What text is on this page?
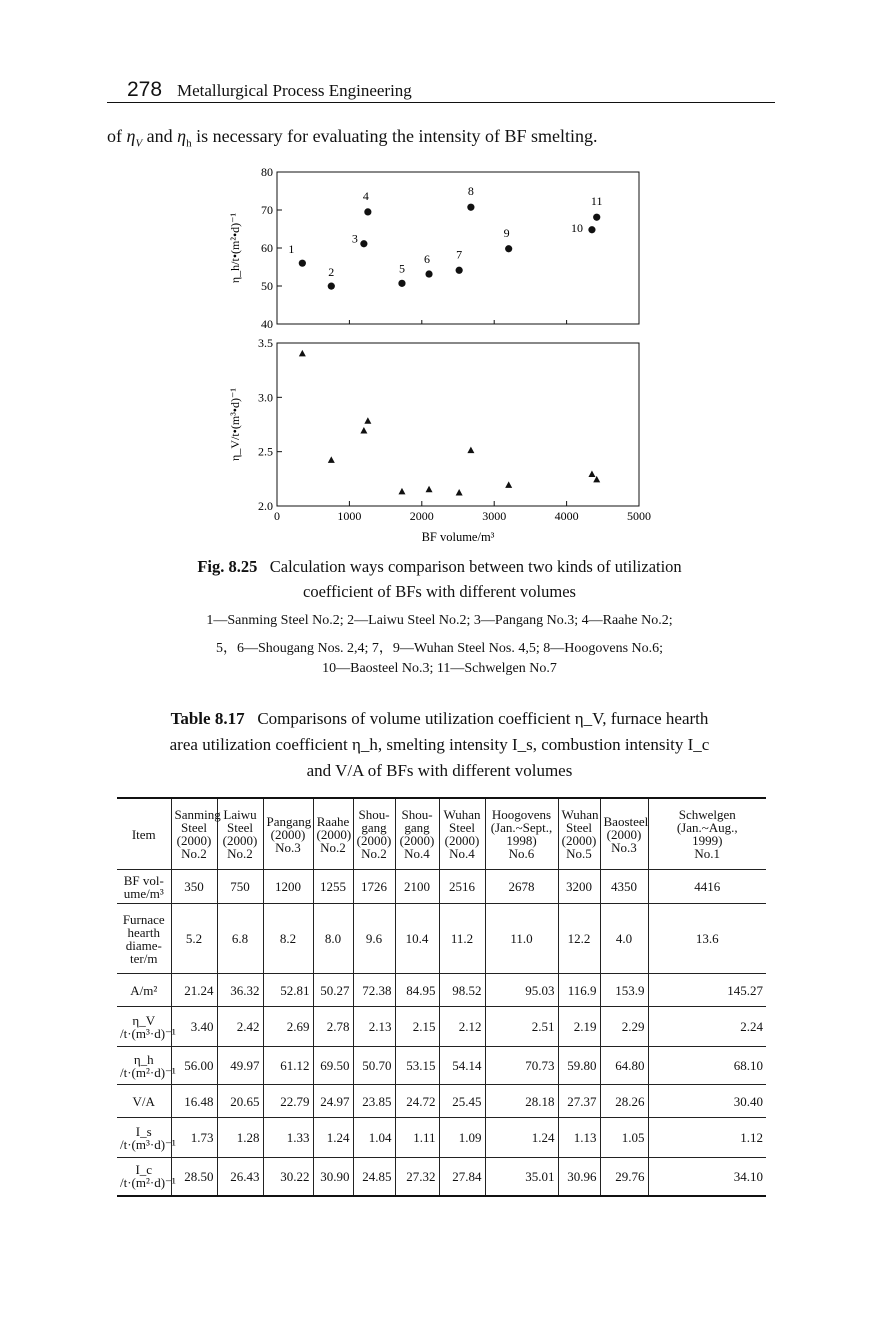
278 Metallurgical Process Engineering
of $\eta_V$ and $\eta_h$ is necessary for evaluating the intensity of BF smelting.
40
50
60
70
80
η_h/t•(m²•d)⁻¹	1
2
3
4
5
6 7
8
9	10
11
2.0
2.5
3.0
3.5
0	1000	2000	3000	4000	5000
BF volume/m³
η_V/t•(m³•d)⁻¹
Fig. 8.25 Calculation ways comparison between two kinds of utilization
coefficient of BFs with different volumes
1—Sanming Steel No.2; 2—Laiwu Steel No.2; 3—Pangang No.3; 4—Raahe No.2;
5，6—Shougang Nos. 2,4; 7，9—Wuhan Steel Nos. 4,5; 8—Hoogovens No.6;
10—Baosteel No.3; 11—Schwelgen No.7
Table 8.17 Comparisons of volume utilization coefficient η_V, furnace hearth
area utilization coefficient η_h, smelting intensity I_s, combustion intensity I_c
and V/A of BFs with different volumes
Item	Sanming
Steel
(2000)
No.2	Laiwu
Steel
(2000)
No.2	Pangang
(2000)
No.3	Raahe
(2000)
No.2	Shou-
gang
(2000)
No.2	Shou-
gang
(2000)
No.4	Wuhan
Steel
(2000)
No.4	Hoogovens
(Jan.~Sept.,
1998)
No.6	Wuhan
Steel
(2000)
No.5	Baosteel
(2000)
No.3	Schwelgen
(Jan.~Aug.,
1999)
No.1
BF vol-
ume/m³	350	750	1200	1255	1726	2100	2516	2678	3200	4350	4416
Furnace
hearth
diame-
ter/m	5.2	6.8	8.2	8.0	9.6	10.4	11.2	11.0	12.2	4.0	13.6
A/m²	21.24	36.32	52.81	50.27	72.38	84.95	98.52	95.03	116.9	153.9	145.27
η_V
/t·(m³·d)⁻¹	3.40	2.42	2.69	2.78	2.13	2.15	2.12	2.51	2.19	2.29	2.24
η_h
/t·(m²·d)⁻¹	56.00	49.97	61.12	69.50	50.70	53.15	54.14	70.73	59.80	64.80	68.10
V/A	16.48	20.65	22.79	24.97	23.85	24.72	25.45	28.18	27.37	28.26	30.40
I_s
/t·(m³·d)⁻¹	1.73	1.28	1.33	1.24	1.04	1.11	1.09	1.24	1.13	1.05	1.12
I_c
/t·(m²·d)⁻¹	28.50	26.43	30.22	30.90	24.85	27.32	27.84	35.01	30.96	29.76	34.10
